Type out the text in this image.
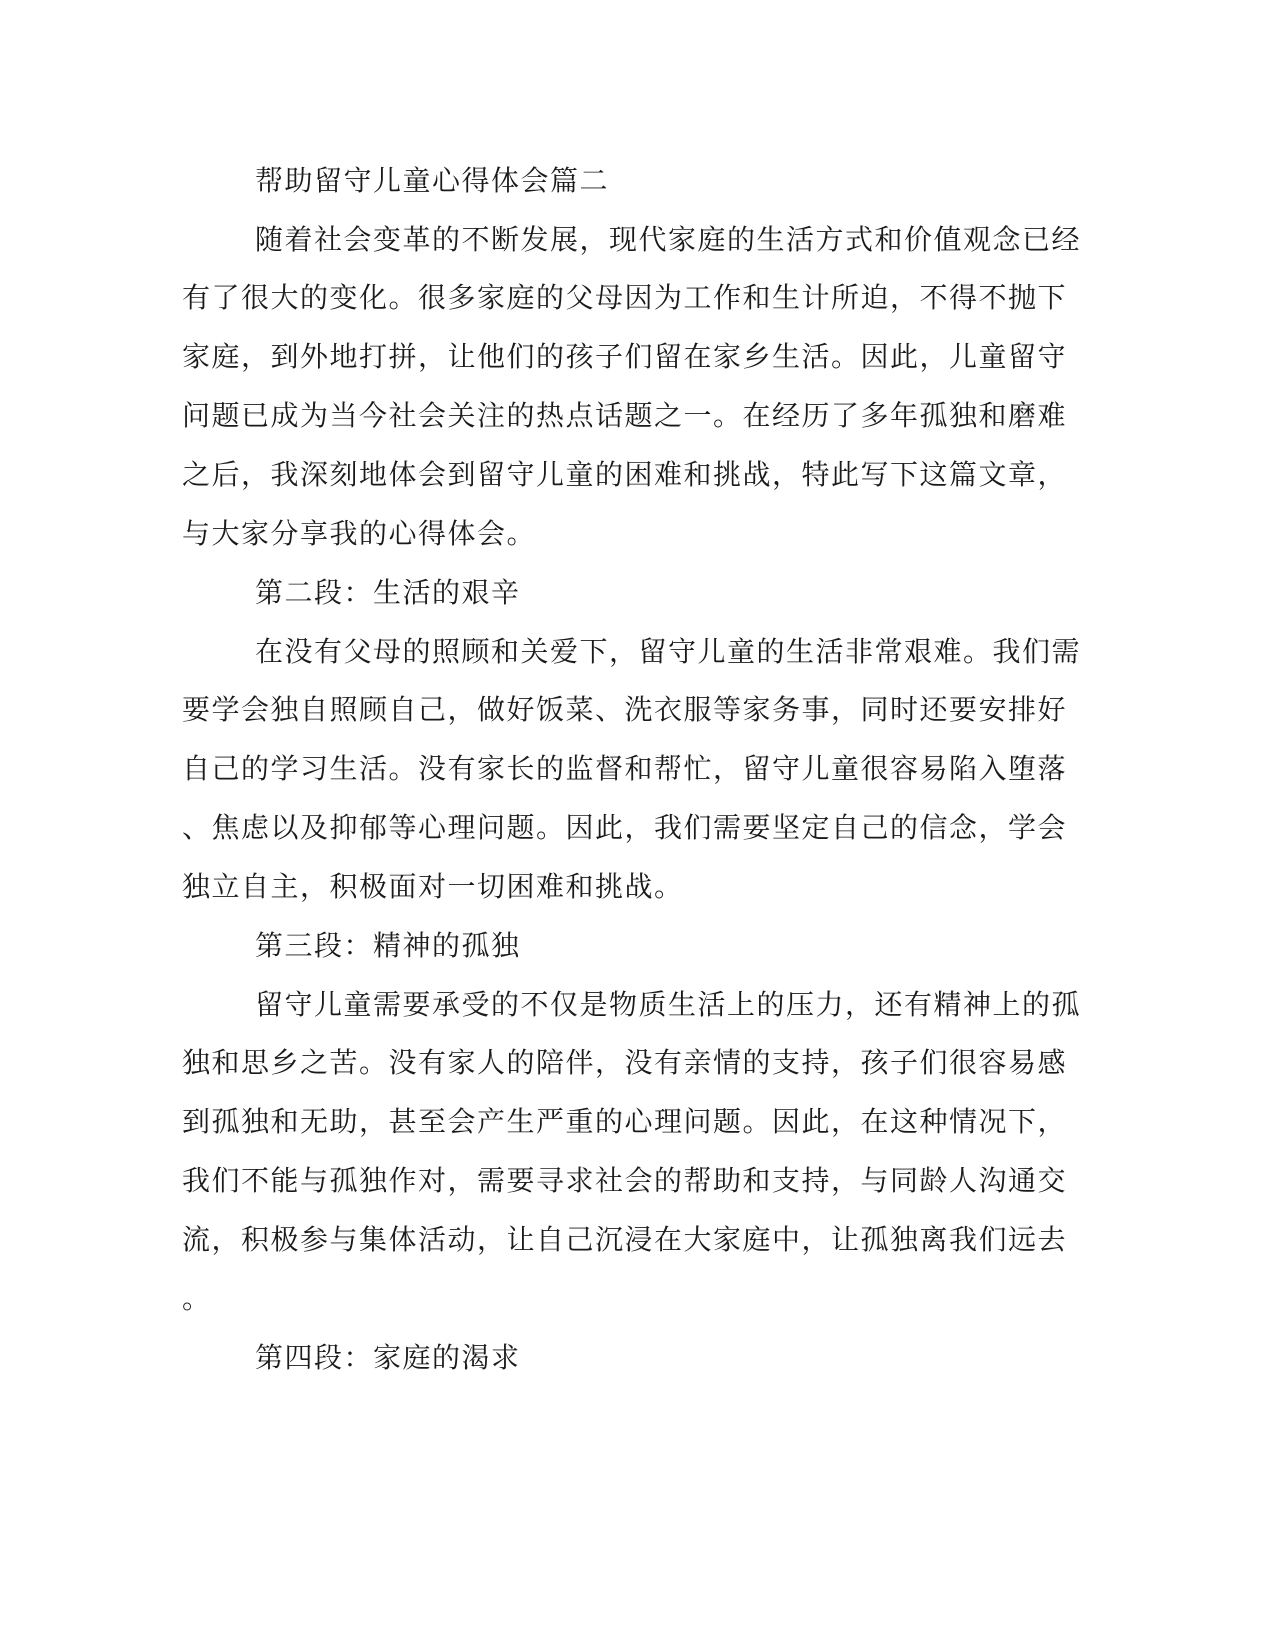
帮助留守儿童心得体会篇二
随着社会变革的不断发展，现代家庭的生活方式和价值观念已经
有了很大的变化。很多家庭的父母因为工作和生计所迫，不得不抛下
家庭，到外地打拼，让他们的孩子们留在家乡生活。因此，儿童留守
问题已成为当今社会关注的热点话题之一。在经历了多年孤独和磨难
之后，我深刻地体会到留守儿童的困难和挑战，特此写下这篇文章，
与大家分享我的心得体会。
第二段：生活的艰辛
在没有父母的照顾和关爱下，留守儿童的生活非常艰难。我们需
要学会独自照顾自己，做好饭菜、洗衣服等家务事，同时还要安排好
自己的学习生活。没有家长的监督和帮忙，留守儿童很容易陷入堕落
、焦虑以及抑郁等心理问题。因此，我们需要坚定自己的信念，学会
独立自主，积极面对一切困难和挑战。
第三段：精神的孤独
留守儿童需要承受的不仅是物质生活上的压力，还有精神上的孤
独和思乡之苦。没有家人的陪伴，没有亲情的支持，孩子们很容易感
到孤独和无助，甚至会产生严重的心理问题。因此，在这种情况下，
我们不能与孤独作对，需要寻求社会的帮助和支持，与同龄人沟通交
流，积极参与集体活动，让自己沉浸在大家庭中，让孤独离我们远去
。
第四段：家庭的渴求
